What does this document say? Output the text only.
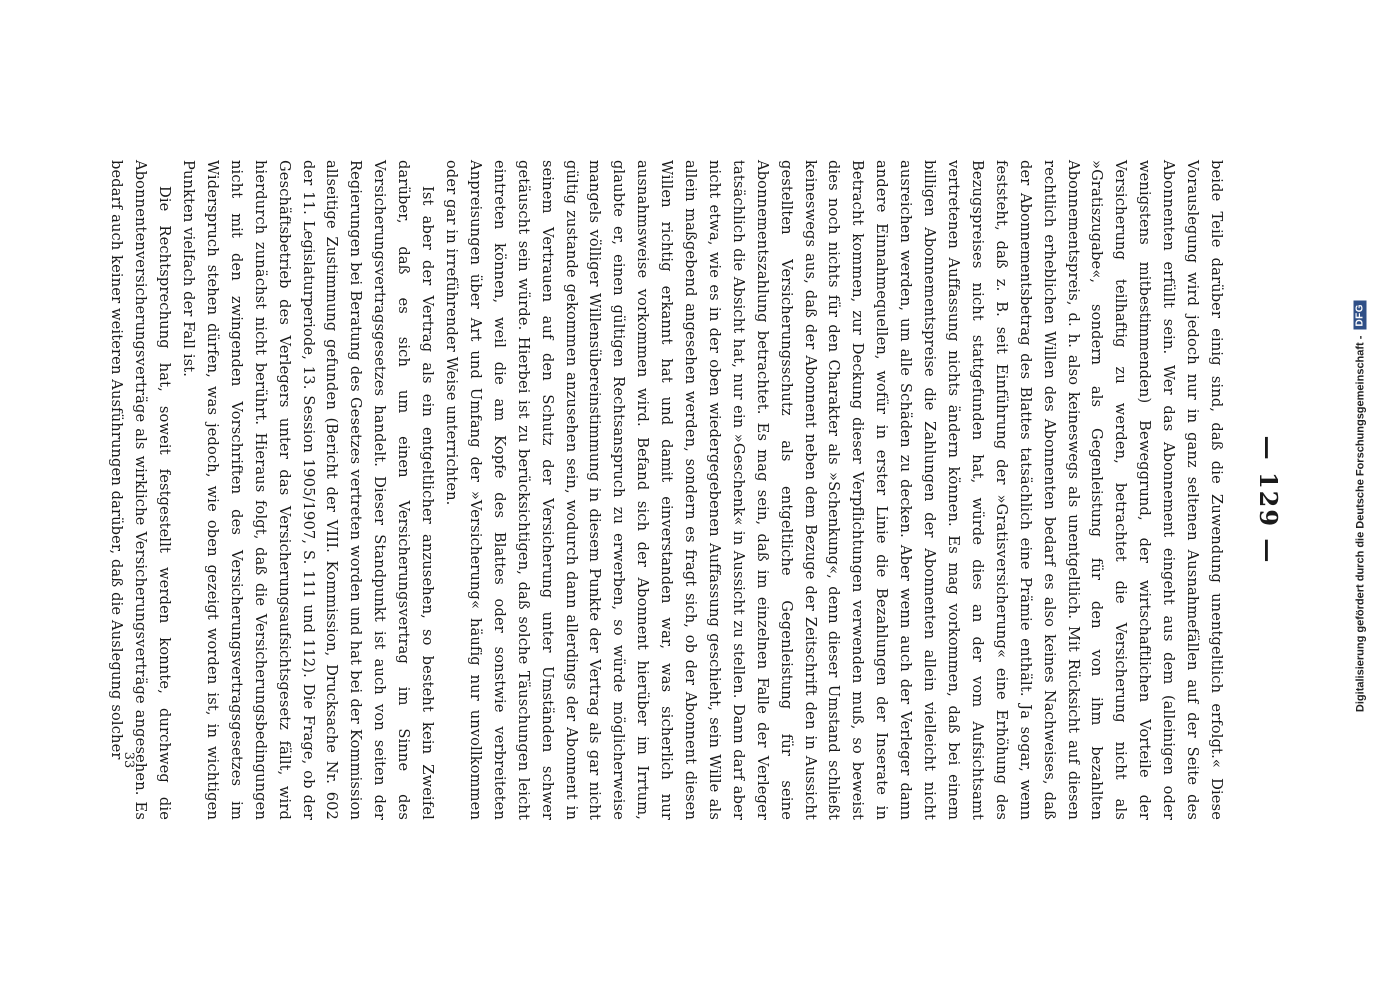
— 129 —

beide Teile darüber einig sind, daß die Zuwendung unentgeltlich erfolgt.« Diese Vorauslegung wird jedoch nur in ganz seltenen Ausnahmefällen auf der Seite des Abonnenten erfüllt sein. Wer das Abonnement eingeht aus dem (alleinigen oder wenigstens mitbestimmenden) Beweggrund, der wirtschaftlichen Vorteile der Versicherung teilhaftig zu werden, betrachtet die Versicherung nicht als »Gratiszugabe«, sondern als Gegenleistung für den von ihm bezahlten Abonnementspreis, d. h. also keineswegs als unentgeltlich. Mit Rücksicht auf diesen rechtlich erheblichen Willen des Abonnenten bedarf es also keines Nachweises, daß der Abonnementsbetrag des Blattes tatsächlich eine Prämie enthält. Ja sogar, wenn feststeht, daß z. B. seit Einführung der »Gratisversicherung« eine Erhöhung des Bezugspreises nicht stattgefunden hat, würde dies an der vom Aufsichtsamt vertretenen Auffassung nichts ändern können. Es mag vorkommen, daß bei einem billigen Abonnementspreise die Zahlungen der Abonnenten allein vielleicht nicht ausreichen werden, um alle Schäden zu decken. Aber wenn auch der Verleger dann andere Einnahmequellen, wofür in erster Linie die Bezahlungen der Inserate in Betracht kommen, zur Deckung dieser Verpflichtungen verwenden muß, so beweist dies noch nichts für den Charakter als »Schenkung«, denn dieser Umstand schließt keineswegs aus, daß der Abonnent neben dem Bezuge der Zeitschrift den in Aussicht gestellten Versicherungsschutz als entgeltliche Gegenleistung für seine Abonnementszahlung betrachtet. Es mag sein, daß im einzelnen Falle der Verleger tatsächlich die Absicht hat, nur ein »Geschenk« in Aussicht zu stellen. Dann darf aber nicht etwa, wie es in der oben wiedergegebenen Auffassung geschieht, sein Wille als allein maßgebend angesehen werden, sondern es fragt sich, ob der Abonnent diesen Willen richtig erkannt hat und damit einverstanden war, was sicherlich nur ausnahmsweise vorkommen wird. Befand sich der Abonnent hierüber im Irrtum, glaubte er, einen gültigen Rechtsanspruch zu erwerben, so würde möglicherweise mangels völliger Willensübereinstimmung in diesem Punkte der Vertrag als gar nicht gültig zustande gekommen anzusehen sein, wodurch dann allerdings der Abonnent in seinem Vertrauen auf den Schutz der Versicherung unter Umständen schwer getäuscht sein würde. Hierbei ist zu berücksichtigen, daß solche Täuschungen leicht eintreten können, weil die am Kopfe des Blattes oder sonstwie verbreiteten Anpreisungen über Art und Umfang der »Versicherung« häufig nur unvollkommen oder gar in irreführender Weise unterrichten.

Ist aber der Vertrag als ein entgeltlicher anzusehen, so besteht kein Zweifel darüber, daß es sich um einen Versicherungsvertrag im Sinne des Versicherungsvertragsgesetzes handelt. Dieser Standpunkt ist auch von seiten der Regierungen bei Beratung des Gesetzes vertreten worden und hat bei der Kommission allseitige Zustimmung gefunden (Bericht der VIII. Kommission, Drucksache Nr. 602 der 11. Legislaturperiode, 13. Session 1905/1907, S. 111 und 112). Die Frage, ob der Geschäftsbetrieb des Verlegers unter das Versicherungsaufsichtsgesetz fällt, wird hierdurch zunächst nicht berührt. Hieraus folgt, daß die Versicherungsbedingungen nicht mit den zwingenden Vorschriften des Versicherungsvertragsgesetzes im Widerspruch stehen dürfen, was jedoch, wie oben gezeigt worden ist, in wichtigen Punkten vielfach der Fall ist.

Die Rechtsprechung hat, soweit festgestellt werden konnte, durchweg die Abonnentenversicherungsverträge als wirkliche Versicherungsverträge angesehen. Es bedarf auch keiner weiteren Ausführungen darüber, daß die Auslegung solcher

33
Digitalisierung gefördert durch die Deutsche Forschungsgemeinschaft -
DFG
